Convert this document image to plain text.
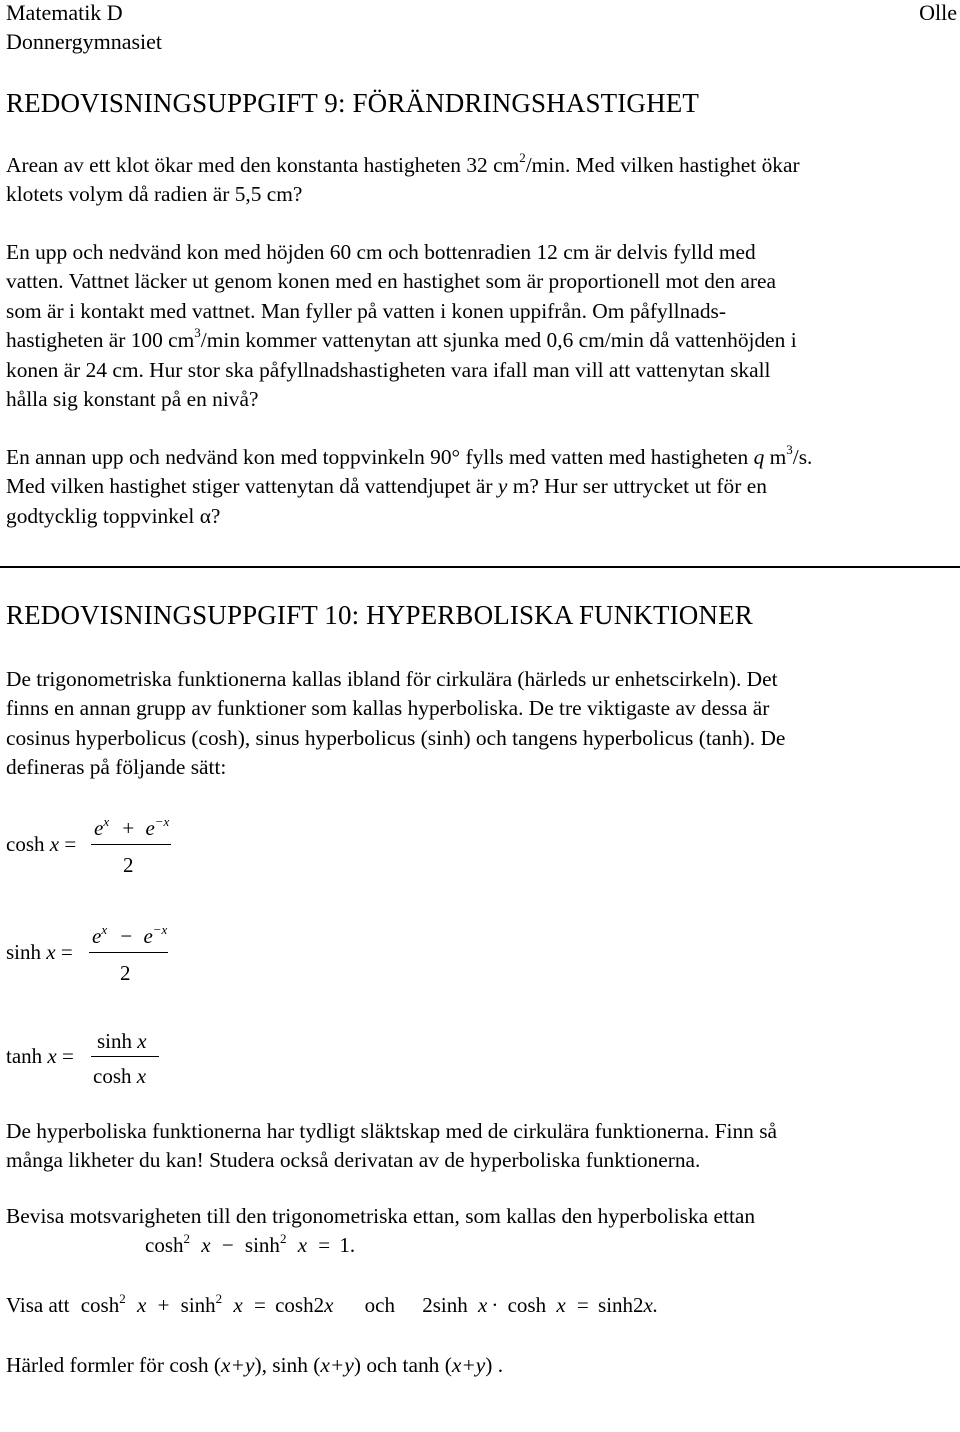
Matematik D
Donnergymnasiet
Olle
REDOVISNINGSUPPGIFT 9: FÖRÄNDRINGSHASTIGHET
Arean av ett klot ökar med den konstanta hastigheten 32 $cm^2/\min$. Med vilken hastighet ökar
klotets volym då radien är 5,5 cm?
En upp och nedvänd kon med höjden 60 cm och bottenradien 12 cm är delvis fylld med
vatten. Vattnet läcker ut genom konen med en hastighet som är proportionell mot den area
som är i kontakt med vattnet. Man fyller på vatten i konen uppifrån. Om påfyllnads-
hastigheten är 100 $cm^3/\min$ kommer vattenytan att sjunka med 0,6 cm/min då vattenhöjden i
konen är 24 cm. Hur stor ska påfyllnadshastigheten vara ifall man vill att vattenytan skall
hålla sig konstant på en nivå?
En annan upp och nedvänd kon med toppvinkeln 90° fylls med vatten med hastigheten q $m^3/s$.
Med vilken hastighet stiger vattenytan då vattendjupet är y m? Hur ser uttrycket ut för en
godtycklig toppvinkel α?
REDOVISNINGSUPPGIFT 10: HYPERBOLISKA FUNKTIONER
De trigonometriska funktionerna kallas ibland för cirkulära (härleds ur enhetscirkeln). Det
finns en annan grupp av funktioner som kallas hyperboliska. De tre viktigaste av dessa är
cosinus hyperbolicus (cosh), sinus hyperbolicus (sinh) och tangens hyperbolicus (tanh). De
defineras på följande sätt:
cosh x =
$e^x + e^{-x}$
2
sinh x =
$e^x - e^{-x}$
2
tanh x =
sinh x
cosh x
De hyperboliska funktionerna har tydligt släktskap med de cirkulära funktionerna. Finn så
många likheter du kan! Studera också derivatan av de hyperboliska funktionerna.
Bevisa motsvarigheten till den trigonometriska ettan, som kallas den hyperboliska ettan
$\cosh^2 x - \sinh^2 x = 1$.
Visa att $\cosh^2 x + \sinh^2 x = \cosh 2x$ och 2sinh x · cosh x = sinh2x.
Härled formler för cosh (x+y), sinh (x+y) och tanh (x+y) .
